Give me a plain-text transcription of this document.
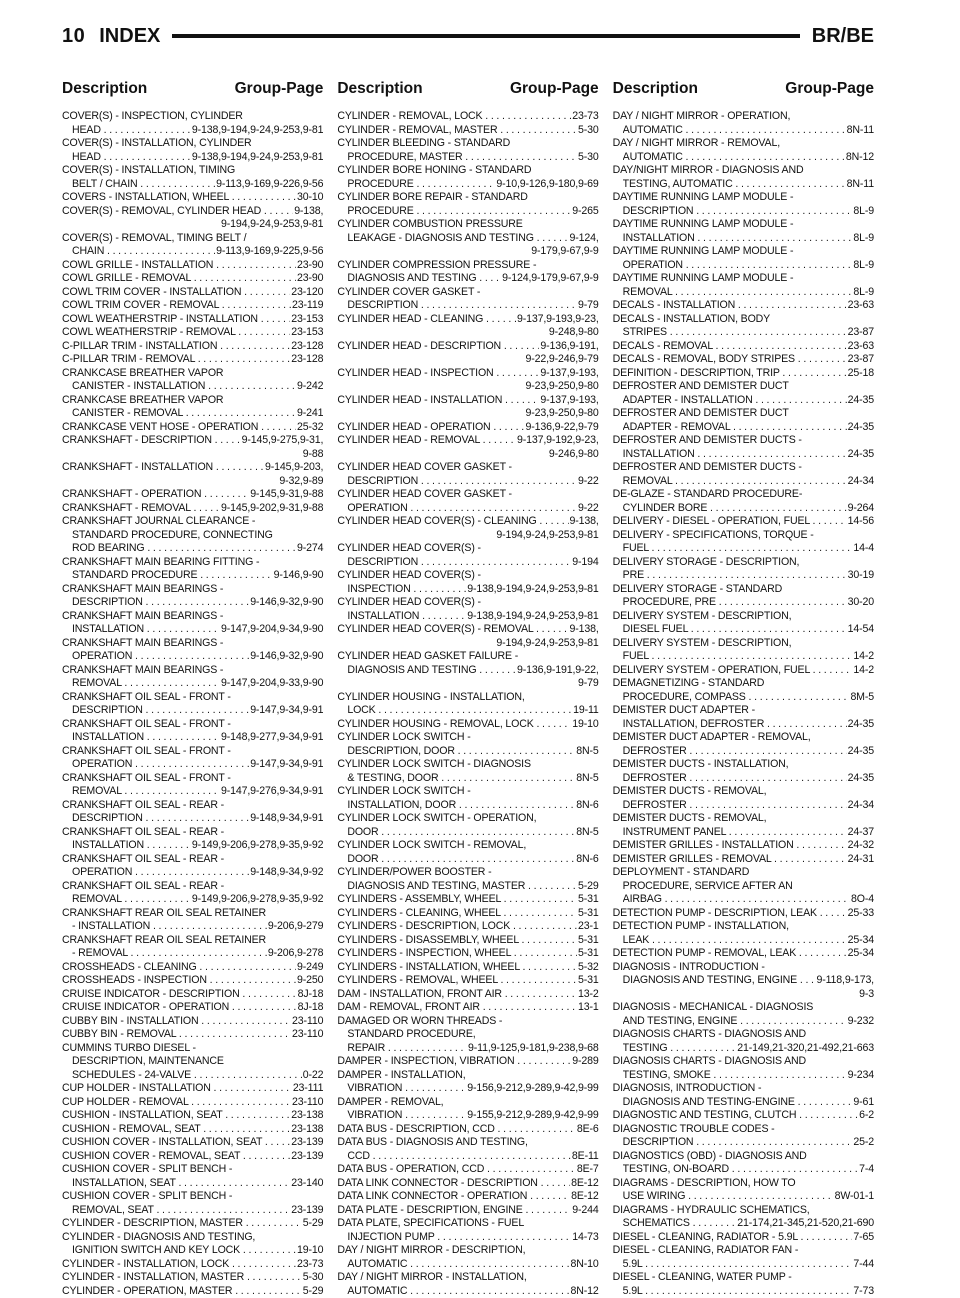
10 INDEX	BR/BE
Description	Group-Page Description	Group-Page Description	Group-Page
COVER(S) - INSPECTION, CYLINDER
HEAD . . .	9-138,9-194,9-24,9-253,9-81
COVER(S) - INSTALLATION, CYLINDER
HEAD . . .	9-138,9-194,9-24,9-253,9-81
COVER(S) - INSTALLATION, TIMING
BELT / CHAIN . . .	9-113,9-169,9-226,9-56
COVERS - INSTALLATION, WHEEL . . .	30-10
COVER(S) - REMOVAL, CYLINDER HEAD . . .	9-138,
9-194,9-24,9-253,9-81
COVER(S) - REMOVAL, TIMING BELT /
CHAIN . . .	9-113,9-169,9-225,9-56
COWL GRILLE - INSTALLATION . . .	23-90
COWL GRILLE - REMOVAL . . .	23-90
COWL TRIM COVER - INSTALLATION . . .	23-120
COWL TRIM COVER - REMOVAL . . .	23-119
COWL WEATHERSTRIP - INSTALLATION . . .	23-153
COWL WEATHERSTRIP - REMOVAL . . .	23-153
C-PILLAR TRIM - INSTALLATION . . .	23-128
C-PILLAR TRIM - REMOVAL . . .	23-128
CRANKCASE BREATHER VAPOR
CANISTER - INSTALLATION . . .	9-242
CRANKCASE BREATHER VAPOR
CANISTER - REMOVAL . . .	9-241
CRANKCASE VENT HOSE - OPERATION . . .	25-32
CRANKSHAFT - DESCRIPTION . . .	9-145,9-275,9-31,
9-88
CRANKSHAFT - INSTALLATION . . .	9-145,9-203,
9-32,9-89
CRANKSHAFT - OPERATION . . .	9-145,9-31,9-88
CRANKSHAFT - REMOVAL . . .	9-145,9-202,9-31,9-88
CRANKSHAFT JOURNAL CLEARANCE -
STANDARD PROCEDURE, CONNECTING
ROD BEARING . . .	9-274
CRANKSHAFT MAIN BEARING FITTING -
STANDARD PROCEDURE . . .	9-146,9-90
CRANKSHAFT MAIN BEARINGS -
DESCRIPTION . . .	9-146,9-32,9-90
CRANKSHAFT MAIN BEARINGS -
INSTALLATION . . .	9-147,9-204,9-34,9-90
CRANKSHAFT MAIN BEARINGS -
OPERATION . . .	9-146,9-32,9-90
CRANKSHAFT MAIN BEARINGS -
REMOVAL . . .	9-147,9-204,9-33,9-90
CRANKSHAFT OIL SEAL - FRONT -
DESCRIPTION . . .	9-147,9-34,9-91
CRANKSHAFT OIL SEAL - FRONT -
INSTALLATION . . .	9-148,9-277,9-34,9-91
CRANKSHAFT OIL SEAL - FRONT -
OPERATION . . .	9-147,9-34,9-91
CRANKSHAFT OIL SEAL - FRONT -
REMOVAL . . .	9-147,9-276,9-34,9-91
CRANKSHAFT OIL SEAL - REAR -
DESCRIPTION . . .	9-148,9-34,9-91
CRANKSHAFT OIL SEAL - REAR -
INSTALLATION . . .	9-149,9-206,9-278,9-35,9-92
CRANKSHAFT OIL SEAL - REAR -
OPERATION . . .	9-148,9-34,9-92
CRANKSHAFT OIL SEAL - REAR -
REMOVAL . . .	9-149,9-206,9-278,9-35,9-92
CRANKSHAFT REAR OIL SEAL RETAINER
- INSTALLATION . . .	9-206,9-279
CRANKSHAFT REAR OIL SEAL RETAINER
- REMOVAL . . .	9-206,9-278
CROSSHEADS - CLEANING . . .	9-249
CROSSHEADS - INSPECTION . . .	9-250
CRUISE INDICATOR - DESCRIPTION . . .	8J-18
CRUISE INDICATOR - OPERATION . . .	8J-18
CUBBY BIN - INSTALLATION . . .	23-110
CUBBY BIN - REMOVAL . . .	23-110
CUMMINS TURBO DIESEL -
DESCRIPTION, MAINTENANCE
SCHEDULES - 24-VALVE . . .	0-22
CUP HOLDER - INSTALLATION . . .	23-111
CUP HOLDER - REMOVAL . . .	23-110
CUSHION - INSTALLATION, SEAT . . .	23-138
CUSHION - REMOVAL, SEAT . . .	23-138
CUSHION COVER - INSTALLATION, SEAT . . .	23-139
CUSHION COVER - REMOVAL, SEAT . . .	23-139
CUSHION COVER - SPLIT BENCH -
INSTALLATION, SEAT . . .	23-140
CUSHION COVER - SPLIT BENCH -
REMOVAL, SEAT . . .	23-139
CYLINDER - DESCRIPTION, MASTER . . .	5-29
CYLINDER - DIAGNOSIS AND TESTING,
IGNITION SWITCH AND KEY LOCK . . .	19-10
CYLINDER - INSTALLATION, LOCK . . .	23-73
CYLINDER - INSTALLATION, MASTER . . .	5-30
CYLINDER - OPERATION, MASTER . . .	5-29
CYLINDER - REMOVAL, LOCK . . .	23-73
CYLINDER - REMOVAL, MASTER . . .	5-30
CYLINDER BLEEDING - STANDARD
PROCEDURE, MASTER . . .	5-30
CYLINDER BORE HONING - STANDARD
PROCEDURE . . .	9-10,9-126,9-180,9-69
CYLINDER BORE REPAIR - STANDARD
PROCEDURE . . .	9-265
CYLINDER COMBUSTION PRESSURE
LEAKAGE - DIAGNOSIS AND TESTING . . .	9-124,
9-179,9-67,9-9
CYLINDER COMPRESSION PRESSURE -
DIAGNOSIS AND TESTING . . .	9-124,9-179,9-67,9-9
CYLINDER COVER GASKET -
DESCRIPTION . . .	9-79
CYLINDER HEAD - CLEANING . . .	9-137,9-193,9-23,
9-248,9-80
CYLINDER HEAD - DESCRIPTION . . .	9-136,9-191,
9-22,9-246,9-79
CYLINDER HEAD - INSPECTION . . .	9-137,9-193,
9-23,9-250,9-80
CYLINDER HEAD - INSTALLATION . . .	9-137,9-193,
9-23,9-250,9-80
CYLINDER HEAD - OPERATION . . .	9-136,9-22,9-79
CYLINDER HEAD - REMOVAL . . .	9-137,9-192,9-23,
9-246,9-80
CYLINDER HEAD COVER GASKET -
DESCRIPTION . . .	9-22
CYLINDER HEAD COVER GASKET -
OPERATION . . .	9-22
CYLINDER HEAD COVER(S) - CLEANING . . .	9-138,
9-194,9-24,9-253,9-81
CYLINDER HEAD COVER(S) -
DESCRIPTION . . .	9-194
CYLINDER HEAD COVER(S) -
INSPECTION . . .	9-138,9-194,9-24,9-253,9-81
CYLINDER HEAD COVER(S) -
INSTALLATION . . .	9-138,9-194,9-24,9-253,9-81
CYLINDER HEAD COVER(S) - REMOVAL . . .	9-138,
9-194,9-24,9-253,9-81
CYLINDER HEAD GASKET FAILURE -
DIAGNOSIS AND TESTING . . .	9-136,9-191,9-22,
9-79
CYLINDER HOUSING - INSTALLATION,
LOCK . . .	19-11
CYLINDER HOUSING - REMOVAL, LOCK . . .	19-10
CYLINDER LOCK SWITCH -
DESCRIPTION, DOOR . . .	8N-5
CYLINDER LOCK SWITCH - DIAGNOSIS
& TESTING, DOOR . . .	8N-5
CYLINDER LOCK SWITCH -
INSTALLATION, DOOR . . .	8N-6
CYLINDER LOCK SWITCH - OPERATION,
DOOR . . .	8N-5
CYLINDER LOCK SWITCH - REMOVAL,
DOOR . . .	8N-6
CYLINDER/POWER BOOSTER -
DIAGNOSIS AND TESTING, MASTER . . .	5-29
CYLINDERS - ASSEMBLY, WHEEL . . .	5-31
CYLINDERS - CLEANING, WHEEL . . .	5-31
CYLINDERS - DESCRIPTION, LOCK . . .	23-1
CYLINDERS - DISASSEMBLY, WHEEL . . .	5-31
CYLINDERS - INSPECTION, WHEEL . . .	5-31
CYLINDERS - INSTALLATION, WHEEL . . .	5-32
CYLINDERS - REMOVAL, WHEEL . . .	5-31
DAM - INSTALLATION, FRONT AIR . . .	13-2
DAM - REMOVAL, FRONT AIR . . .	13-1
DAMAGED OR WORN THREADS -
STANDARD PROCEDURE,
REPAIR . . .	9-11,9-125,9-181,9-238,9-68
DAMPER - INSPECTION, VIBRATION . . .	9-289
DAMPER - INSTALLATION,
VIBRATION . . .	9-156,9-212,9-289,9-42,9-99
DAMPER - REMOVAL,
VIBRATION . . .	9-155,9-212,9-289,9-42,9-99
DATA BUS - DESCRIPTION, CCD . . .	8E-6
DATA BUS - DIAGNOSIS AND TESTING,
CCD . . .	8E-11
DATA BUS - OPERATION, CCD . . .	8E-7
DATA LINK CONNECTOR - DESCRIPTION . . .	8E-12
DATA LINK CONNECTOR - OPERATION . . .	8E-12
DATA PLATE - DESCRIPTION, ENGINE . . .	9-244
DATA PLATE, SPECIFICATIONS - FUEL
INJECTION PUMP . . .	14-73
DAY / NIGHT MIRROR - DESCRIPTION,
AUTOMATIC . . .	8N-10
DAY / NIGHT MIRROR - INSTALLATION,
AUTOMATIC . . .	8N-12
DAY / NIGHT MIRROR - OPERATION,
AUTOMATIC . . .	8N-11
DAY / NIGHT MIRROR - REMOVAL,
AUTOMATIC . . .	8N-12
DAY/NIGHT MIRROR - DIAGNOSIS AND
TESTING, AUTOMATIC . . .	8N-11
DAYTIME RUNNING LAMP MODULE -
DESCRIPTION . . .	8L-9
DAYTIME RUNNING LAMP MODULE -
INSTALLATION . . .	8L-9
DAYTIME RUNNING LAMP MODULE -
OPERATION . . .	8L-9
DAYTIME RUNNING LAMP MODULE -
REMOVAL . . .	8L-9
DECALS - INSTALLATION . . .	23-63
DECALS - INSTALLATION, BODY
STRIPES . . .	23-87
DECALS - REMOVAL . . .	23-63
DECALS - REMOVAL, BODY STRIPES . . .	23-87
DEFINITION - DESCRIPTION, TRIP . . .	25-18
DEFROSTER AND DEMISTER DUCT
ADAPTER - INSTALLATION . . .	24-35
DEFROSTER AND DEMISTER DUCT
ADAPTER - REMOVAL . . .	24-35
DEFROSTER AND DEMISTER DUCTS -
INSTALLATION . . .	24-35
DEFROSTER AND DEMISTER DUCTS -
REMOVAL . . .	24-34
DE-GLAZE - STANDARD PROCEDURE-
CYLINDER BORE . . .	9-264
DELIVERY - DIESEL - OPERATION, FUEL . . .	14-56
DELIVERY - SPECIFICATIONS, TORQUE -
FUEL . . .	14-4
DELIVERY STORAGE - DESCRIPTION,
PRE . . .	30-19
DELIVERY STORAGE - STANDARD
PROCEDURE, PRE . . .	30-20
DELIVERY SYSTEM - DESCRIPTION,
DIESEL FUEL . . .	14-54
DELIVERY SYSTEM - DESCRIPTION,
FUEL . . .	14-2
DELIVERY SYSTEM - OPERATION, FUEL . . .	14-2
DEMAGNETIZING - STANDARD
PROCEDURE, COMPASS . . .	8M-5
DEMISTER DUCT ADAPTER -
INSTALLATION, DEFROSTER . . .	24-35
DEMISTER DUCT ADAPTER - REMOVAL,
DEFROSTER . . .	24-35
DEMISTER DUCTS - INSTALLATION,
DEFROSTER . . .	24-35
DEMISTER DUCTS - REMOVAL,
DEFROSTER . . .	24-34
DEMISTER DUCTS - REMOVAL,
INSTRUMENT PANEL . . .	24-37
DEMISTER GRILLES - INSTALLATION . . .	24-32
DEMISTER GRILLES - REMOVAL . . .	24-31
DEPLOYMENT - STANDARD
PROCEDURE, SERVICE AFTER AN
AIRBAG . . .	8O-4
DETECTION PUMP - DESCRIPTION, LEAK . . .	25-33
DETECTION PUMP - INSTALLATION,
LEAK . . .	25-34
DETECTION PUMP - REMOVAL, LEAK . . .	25-34
DIAGNOSIS - INTRODUCTION -
DIAGNOSIS AND TESTING, ENGINE . . .	9-118,9-173,
9-3
DIAGNOSIS - MECHANICAL - DIAGNOSIS
AND TESTING, ENGINE . . .	9-232
DIAGNOSIS CHARTS - DIAGNOSIS AND
TESTING . . .	21-149,21-320,21-492,21-663
DIAGNOSIS CHARTS - DIAGNOSIS AND
TESTING, SMOKE . . .	9-234
DIAGNOSIS, INTRODUCTION -
DIAGNOSIS AND TESTING-ENGINE . . .	9-61
DIAGNOSTIC AND TESTING, CLUTCH . . .	6-2
DIAGNOSTIC TROUBLE CODES -
DESCRIPTION . . .	25-2
DIAGNOSTICS (OBD) - DIAGNOSIS AND
TESTING, ON-BOARD . . .	7-4
DIAGRAMS - DESCRIPTION, HOW TO
USE WIRING . . .	8W-01-1
DIAGRAMS - HYDRAULIC SCHEMATICS,
SCHEMATICS . . .	21-174,21-345,21-520,21-690
DIESEL - CLEANING, RADIATOR - 5.9L . . .	7-65
DIESEL - CLEANING, RADIATOR FAN -
5.9L . . .	7-44
DIESEL - CLEANING, WATER PUMP -
5.9L . . .	7-73
